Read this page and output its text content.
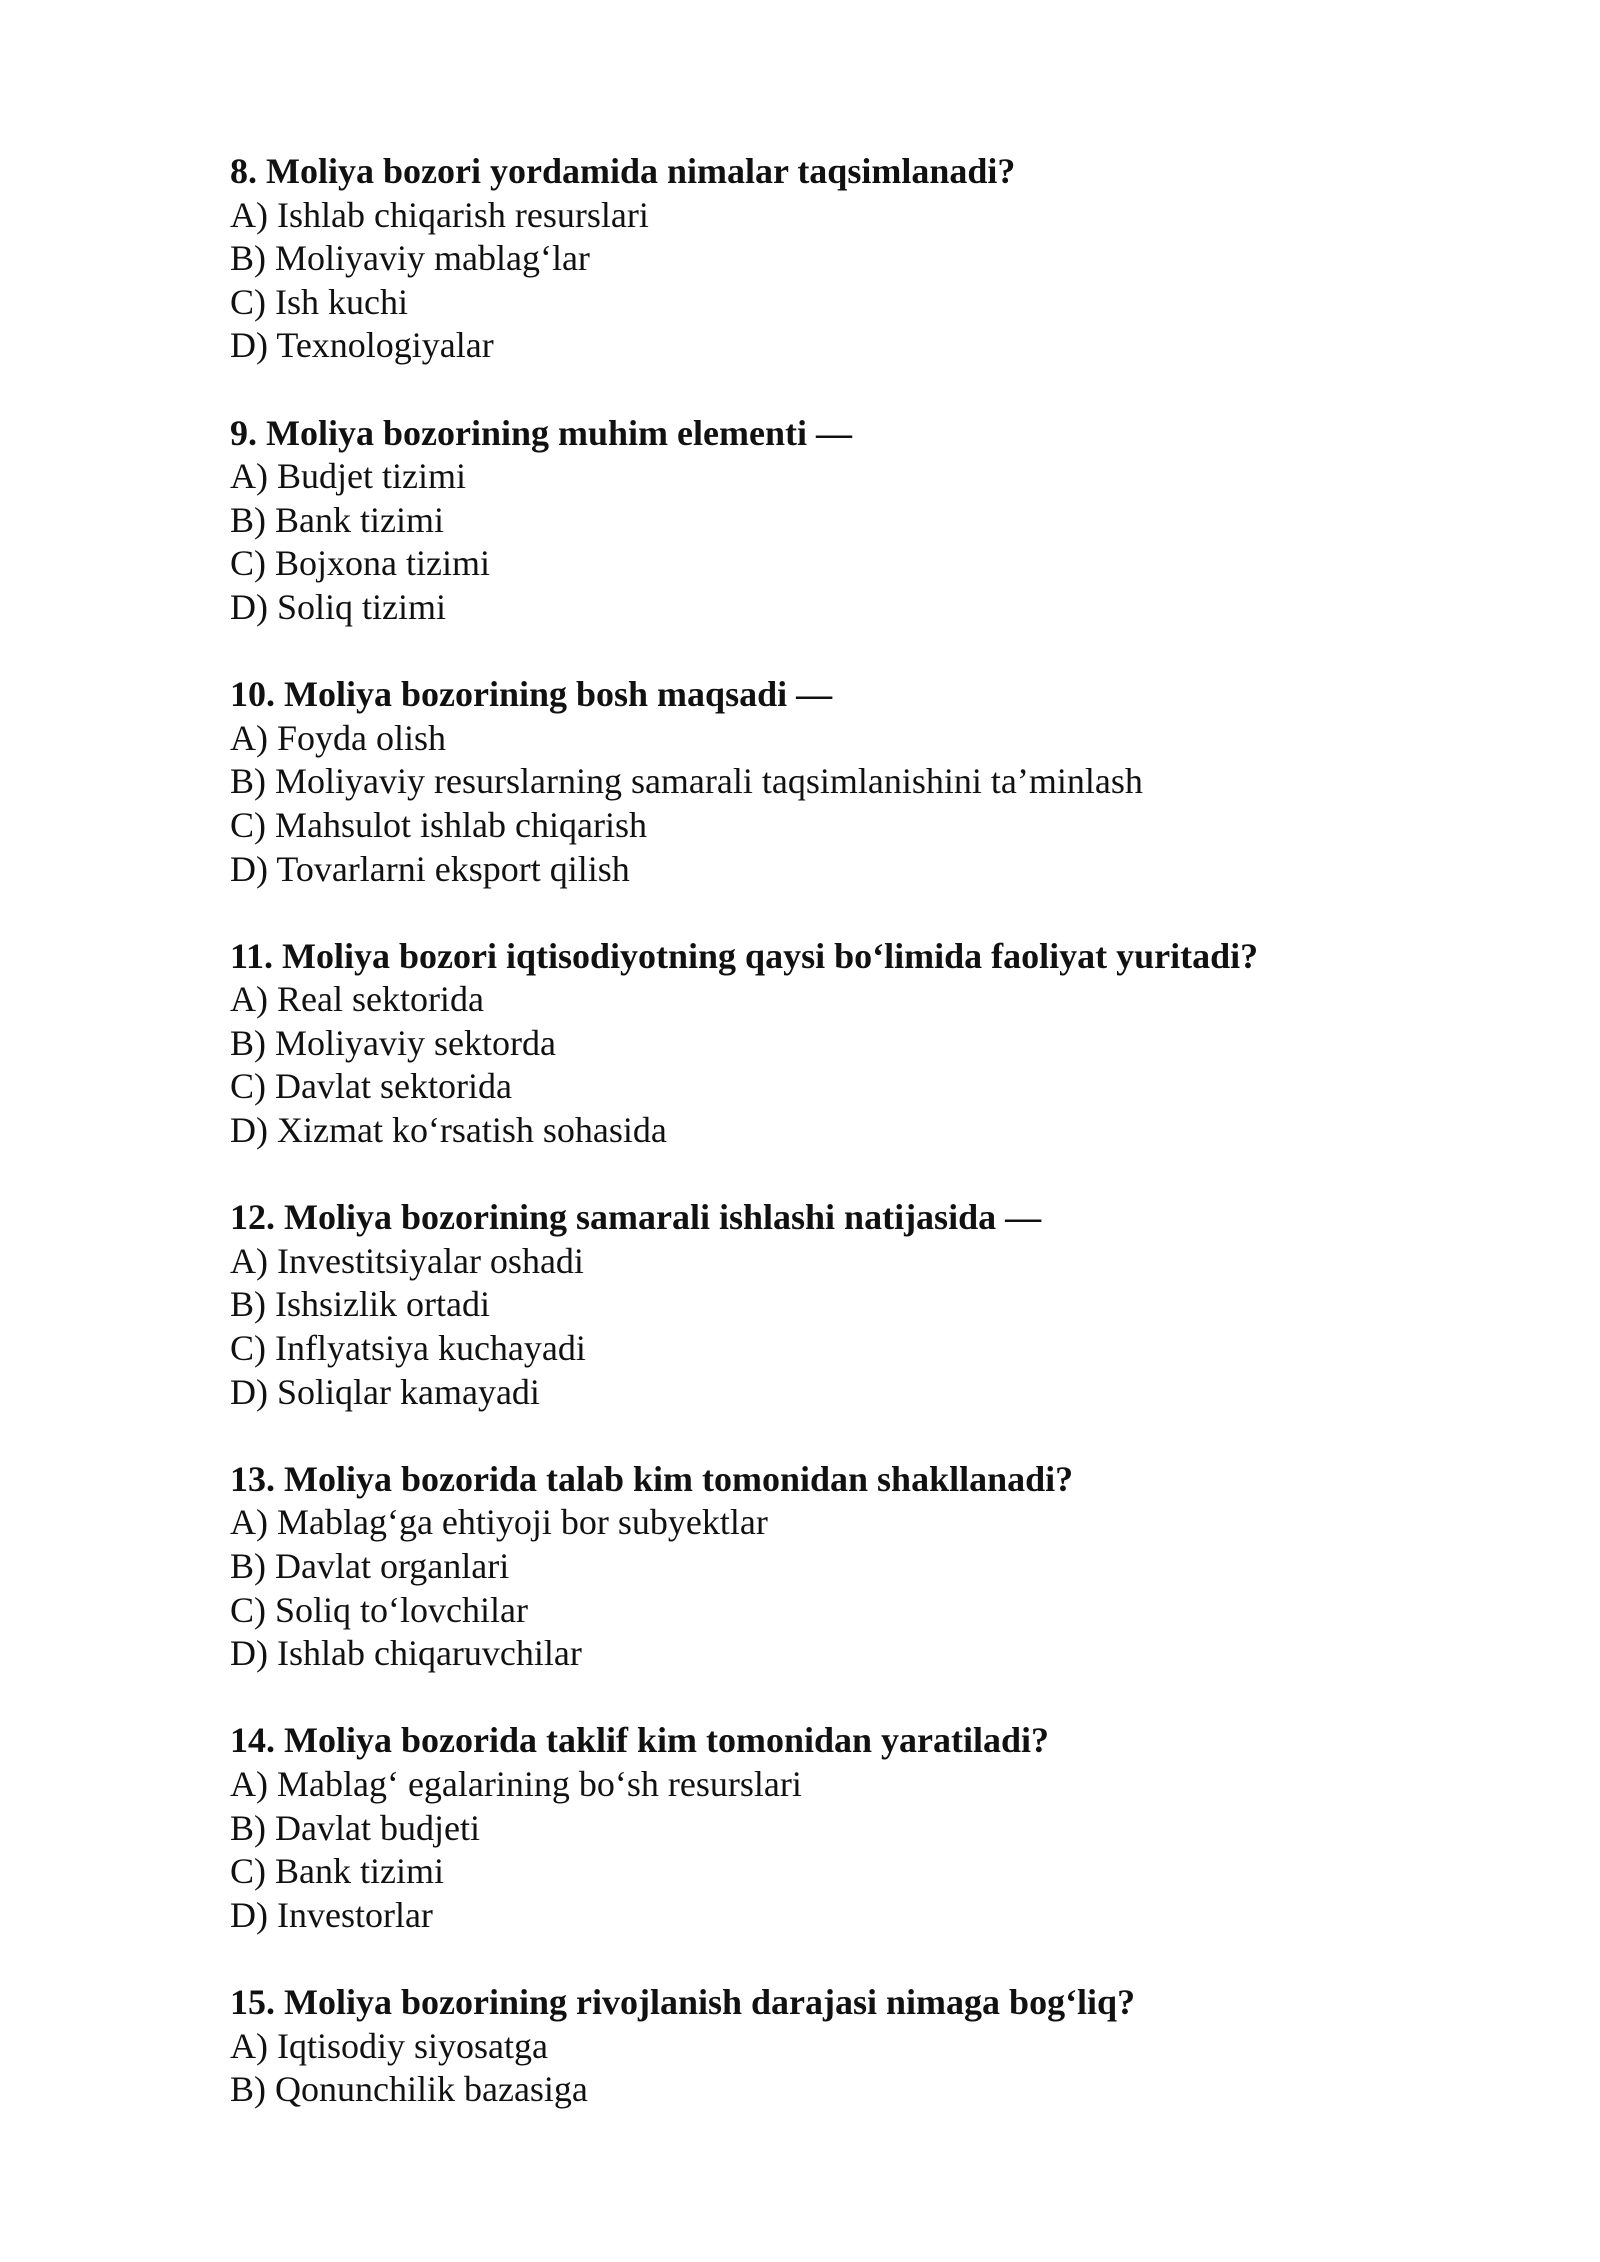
8. Moliya bozori yordamida nimalar taqsimlanadi?
A) Ishlab chiqarish resurslari
B) Moliyaviy mablag‘lar
C) Ish kuchi
D) Texnologiyalar
9. Moliya bozorining muhim elementi —
A) Budjet tizimi
B) Bank tizimi
C) Bojxona tizimi
D) Soliq tizimi
10. Moliya bozorining bosh maqsadi —
A) Foyda olish
B) Moliyaviy resurslarning samarali taqsimlanishini ta’minlash
C) Mahsulot ishlab chiqarish
D) Tovarlarni eksport qilish
11. Moliya bozori iqtisodiyotning qaysi bo‘limida faoliyat yuritadi?
A) Real sektorida
B) Moliyaviy sektorda
C) Davlat sektorida
D) Xizmat ko‘rsatish sohasida
12. Moliya bozorining samarali ishlashi natijasida —
A) Investitsiyalar oshadi
B) Ishsizlik ortadi
C) Inflyatsiya kuchayadi
D) Soliqlar kamayadi
13. Moliya bozorida talab kim tomonidan shakllanadi?
A) Mablag‘ga ehtiyoji bor subyektlar
B) Davlat organlari
C) Soliq to‘lovchilar
D) Ishlab chiqaruvchilar
14. Moliya bozorida taklif kim tomonidan yaratiladi?
A) Mablag‘ egalarining bo‘sh resurslari
B) Davlat budjeti
C) Bank tizimi
D) Investorlar
15. Moliya bozorining rivojlanish darajasi nimaga bog‘liq?
A) Iqtisodiy siyosatga
B) Qonunchilik bazasiga
